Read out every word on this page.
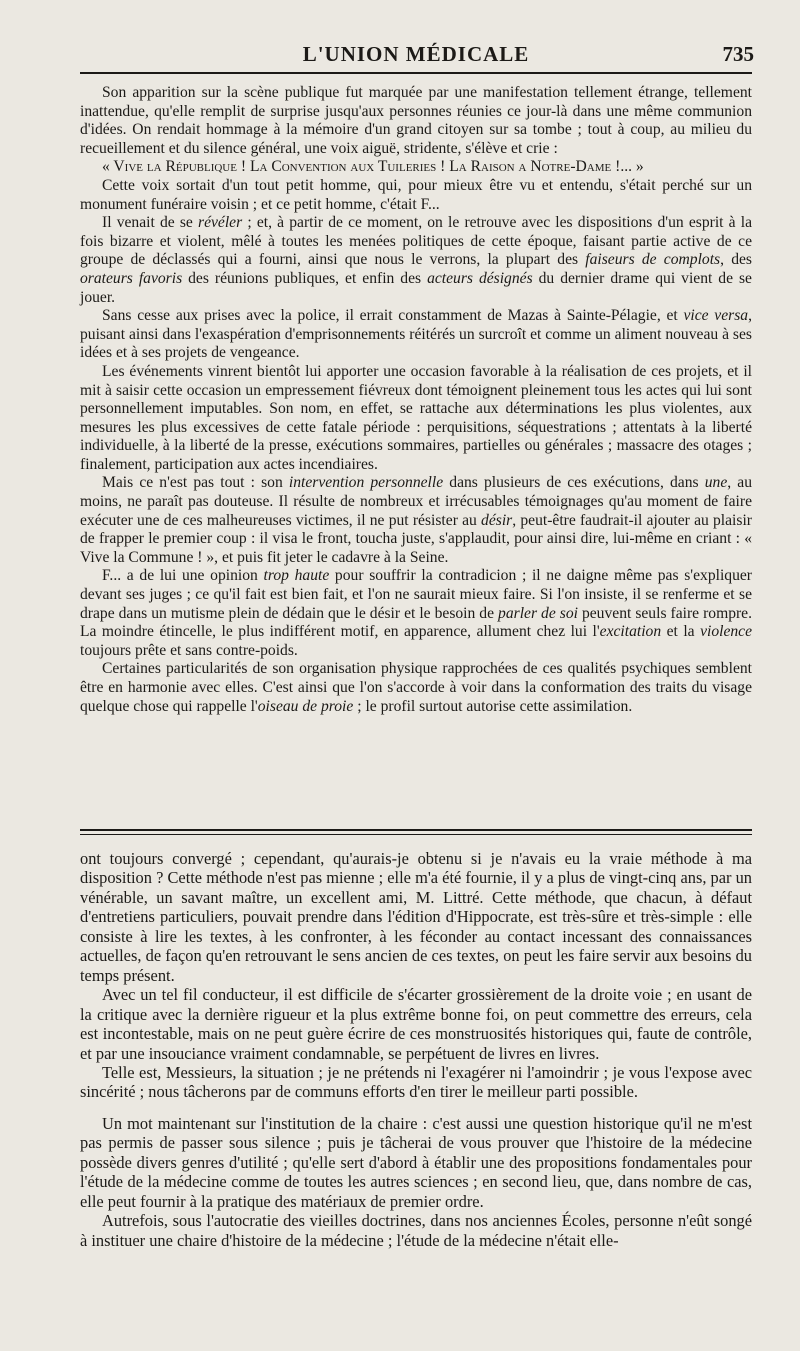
L'UNION MÉDICALE	735

Son apparition sur la scène publique fut marquée par une manifestation tellement étrange, tellement inattendue, qu'elle remplit de surprise jusqu'aux personnes réunies ce jour-là dans une même communion d'idées. On rendait hommage à la mémoire d'un grand citoyen sur sa tombe ; tout à coup, au milieu du recueillement et du silence général, une voix aiguë, stridente, s'élève et crie :

« Vive la République ! La Convention aux Tuileries ! La Raison a Notre-Dame !... »

Cette voix sortait d'un tout petit homme, qui, pour mieux être vu et entendu, s'était perché sur un monument funéraire voisin ; et ce petit homme, c'était F...

Il venait de se révéler ; et, à partir de ce moment, on le retrouve avec les dispositions d'un esprit à la fois bizarre et violent, mêlé à toutes les menées politiques de cette époque, faisant partie active de ce groupe de déclassés qui a fourni, ainsi que nous le verrons, la plupart des faiseurs de complots, des orateurs favoris des réunions publiques, et enfin des acteurs désignés du dernier drame qui vient de se jouer.

Sans cesse aux prises avec la police, il errait constamment de Mazas à Sainte-Pélagie, et vice versa, puisant ainsi dans l'exaspération d'emprisonnements réitérés un surcroît et comme un aliment nouveau à ses idées et à ses projets de vengeance.

Les événements vinrent bientôt lui apporter une occasion favorable à la réalisation de ces projets, et il mit à saisir cette occasion un empressement fiévreux dont témoignent pleinement tous les actes qui lui sont personnellement imputables. Son nom, en effet, se rattache aux déterminations les plus violentes, aux mesures les plus excessives de cette fatale période : perquisitions, séquestrations ; attentats à la liberté individuelle, à la liberté de la presse, exécutions sommaires, partielles ou générales ; massacre des otages ; finalement, participation aux actes incendiaires.

Mais ce n'est pas tout : son intervention personnelle dans plusieurs de ces exécutions, dans une, au moins, ne paraît pas douteuse. Il résulte de nombreux et irrécusables témoignages qu'au moment de faire exécuter une de ces malheureuses victimes, il ne put résister au désir, peut-être faudrait-il ajouter au plaisir de frapper le premier coup : il visa le front, toucha juste, s'applaudit, pour ainsi dire, lui-même en criant : « Vive la Commune ! », et puis fit jeter le cadavre à la Seine.

F... a de lui une opinion trop haute pour souffrir la contradicion ; il ne daigne même pas s'expliquer devant ses juges ; ce qu'il fait est bien fait, et l'on ne saurait mieux faire. Si l'on insiste, il se renferme et se drape dans un mutisme plein de dédain que le désir et le besoin de parler de soi peuvent seuls faire rompre. La moindre étincelle, le plus indifférent motif, en apparence, allument chez lui l'excitation et la violence toujours prête et sans contre-poids.

Certaines particularités de son organisation physique rapprochées de ces qualités psychiques semblent être en harmonie avec elles. C'est ainsi que l'on s'accorde à voir dans la conformation des traits du visage quelque chose qui rappelle l'oiseau de proie ; le profil surtout autorise cette assimilation.

ont toujours convergé ; cependant, qu'aurais-je obtenu si je n'avais eu la vraie méthode à ma disposition ? Cette méthode n'est pas mienne ; elle m'a été fournie, il y a plus de vingt-cinq ans, par un vénérable, un savant maître, un excellent ami, M. Littré. Cette méthode, que chacun, à défaut d'entretiens particuliers, pouvait prendre dans l'édition d'Hippocrate, est très-sûre et très-simple : elle consiste à lire les textes, à les confronter, à les féconder au contact incessant des connaissances actuelles, de façon qu'en retrouvant le sens ancien de ces textes, on peut les faire servir aux besoins du temps présent.

Avec un tel fil conducteur, il est difficile de s'écarter grossièrement de la droite voie ; en usant de la critique avec la dernière rigueur et la plus extrême bonne foi, on peut commettre des erreurs, cela est incontestable, mais on ne peut guère écrire de ces monstruosités historiques qui, faute de contrôle, et par une insouciance vraiment condamnable, se perpétuent de livres en livres.

Telle est, Messieurs, la situation ; je ne prétends ni l'exagérer ni l'amoindrir ; je vous l'expose avec sincérité ; nous tâcherons par de communs efforts d'en tirer le meilleur parti possible.

Un mot maintenant sur l'institution de la chaire : c'est aussi une question historique qu'il ne m'est pas permis de passer sous silence ; puis je tâcherai de vous prouver que l'histoire de la médecine possède divers genres d'utilité ; qu'elle sert d'abord à établir une des propositions fondamentales pour l'étude de la médecine comme de toutes les autres sciences ; en second lieu, que, dans nombre de cas, elle peut fournir à la pratique des matériaux de premier ordre.

Autrefois, sous l'autocratie des vieilles doctrines, dans nos anciennes Écoles, personne n'eût songé à instituer une chaire d'histoire de la médecine ; l'étude de la médecine n'était elle-
